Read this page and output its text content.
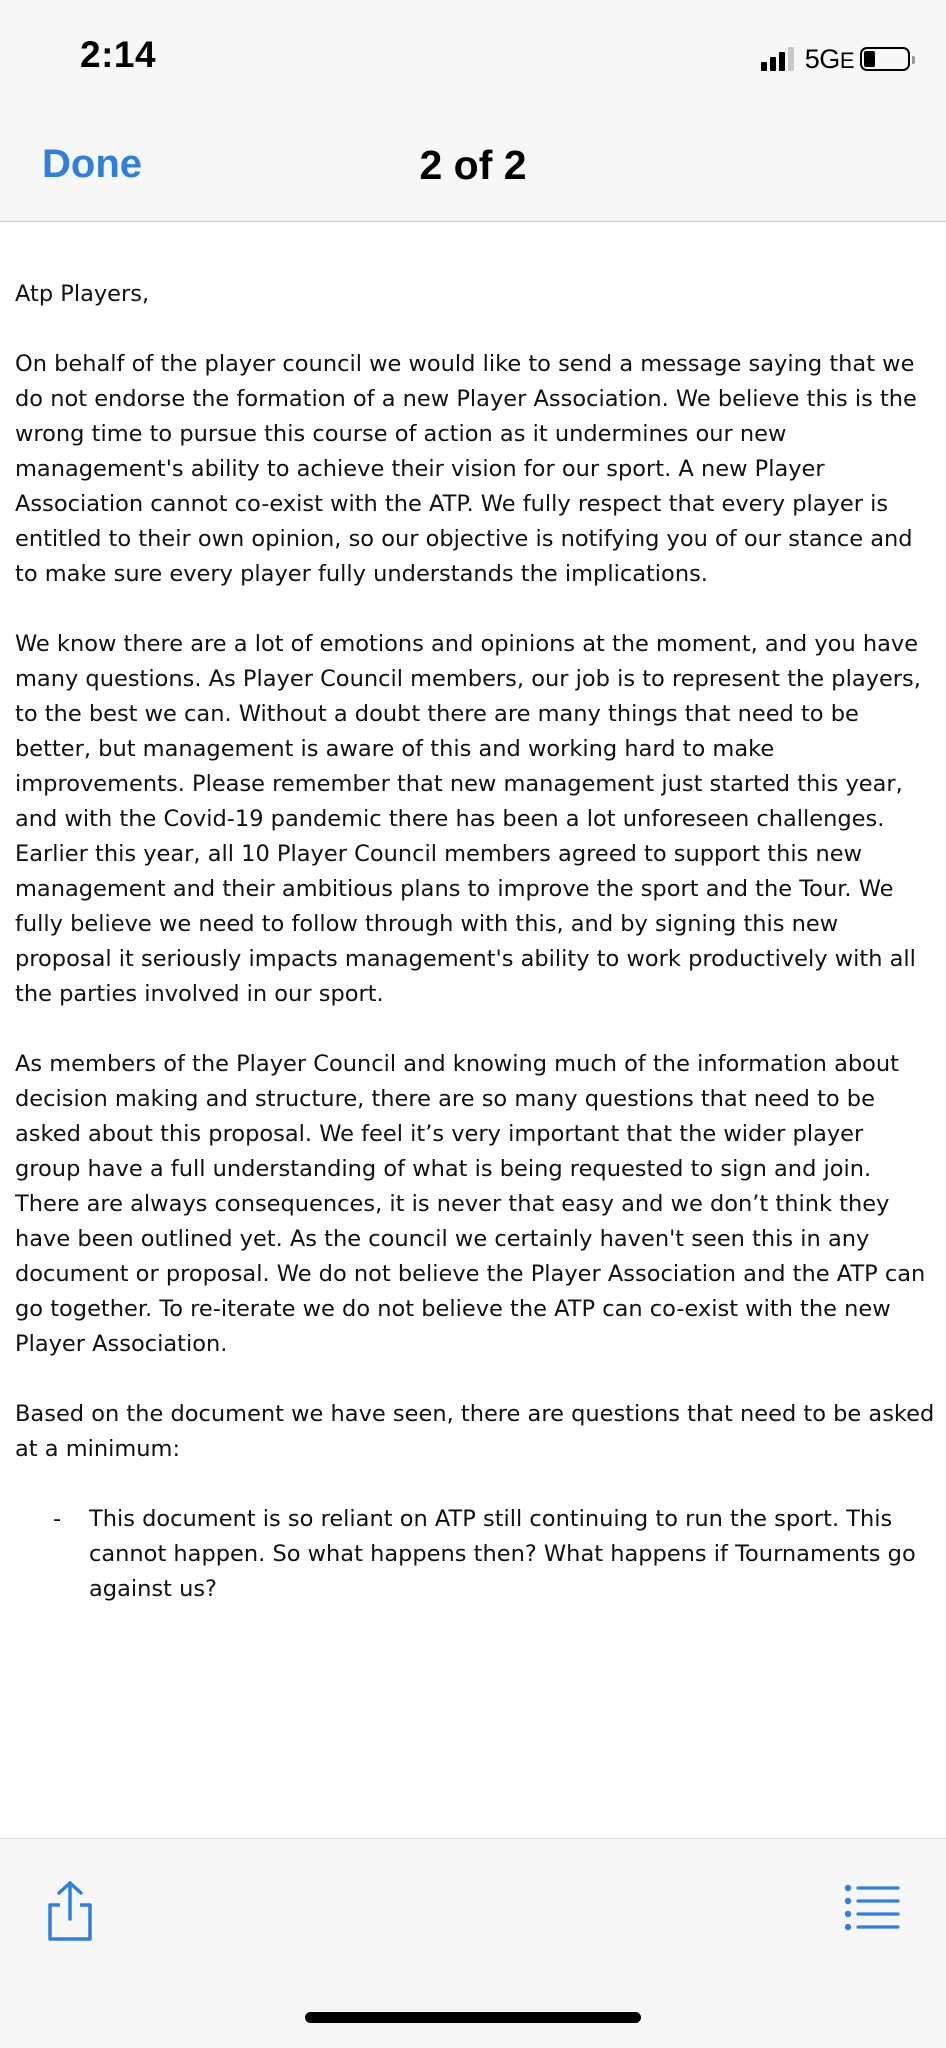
2:14	5GE
Done	2 of 2

Atp Players,

On behalf of the player council we would like to send a message saying that we do not endorse the formation of a new Player Association. We believe this is the wrong time to pursue this course of action as it undermines our new management's ability to achieve their vision for our sport. A new Player Association cannot co-exist with the ATP. We fully respect that every player is entitled to their own opinion, so our objective is notifying you of our stance and to make sure every player fully understands the implications.

We know there are a lot of emotions and opinions at the moment, and you have many questions. As Player Council members, our job is to represent the players, to the best we can. Without a doubt there are many things that need to be better, but management is aware of this and working hard to make improvements. Please remember that new management just started this year, and with the Covid-19 pandemic there has been a lot unforeseen challenges. Earlier this year, all 10 Player Council members agreed to support this new management and their ambitious plans to improve the sport and the Tour. We fully believe we need to follow through with this, and by signing this new proposal it seriously impacts management's ability to work productively with all the parties involved in our sport.

As members of the Player Council and knowing much of the information about decision making and structure, there are so many questions that need to be asked about this proposal. We feel it’s very important that the wider player group have a full understanding of what is being requested to sign and join. There are always consequences, it is never that easy and we don’t think they have been outlined yet. As the council we certainly haven't seen this in any document or proposal. We do not believe the Player Association and the ATP can go together. To re-iterate we do not believe the ATP can co-exist with the new Player Association.

Based on the document we have seen, there are questions that need to be asked at a minimum:

- This document is so reliant on ATP still continuing to run the sport. This cannot happen. So what happens then? What happens if Tournaments go against us?
